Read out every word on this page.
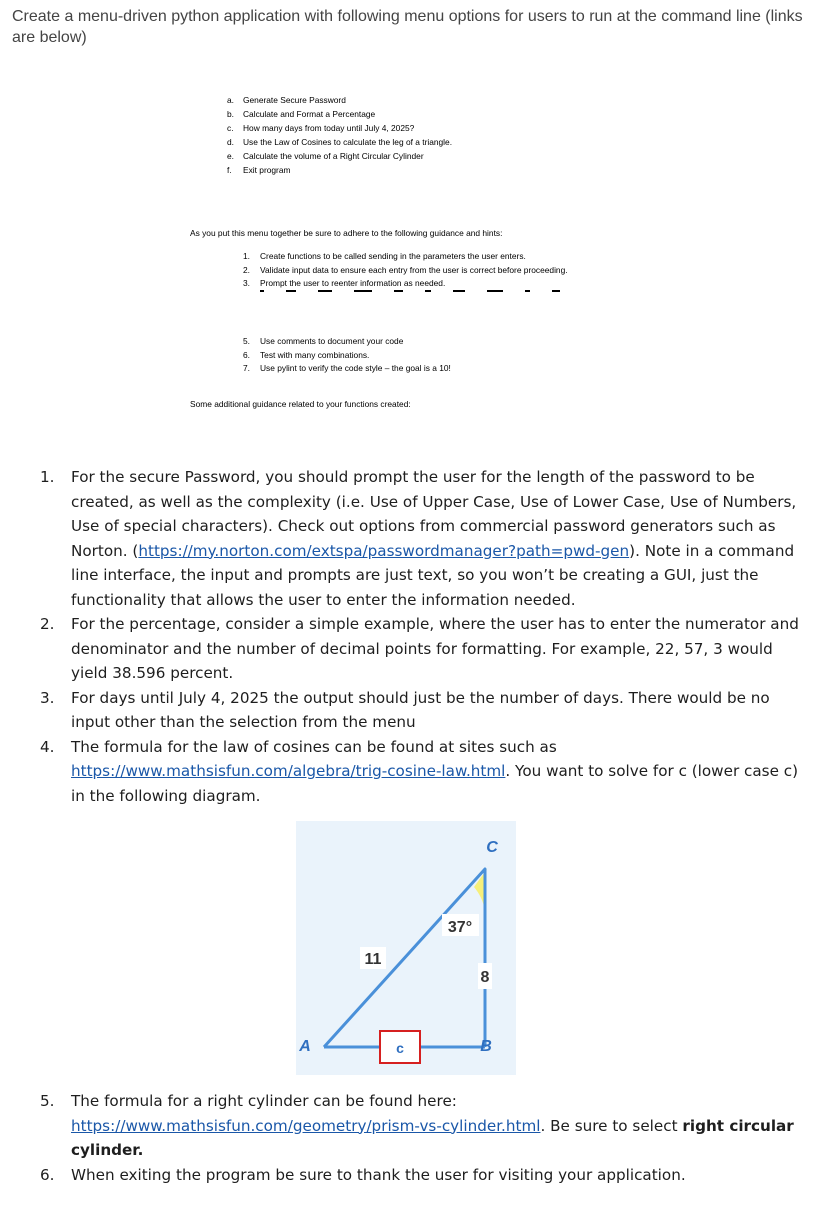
Create a menu-driven python application with following menu options for users to run at the command line (links are below)
a.	Generate Secure Password
b.	Calculate and Format a Percentage
c.	How many days from today until July 4, 2025?
d.	Use the Law of Cosines to calculate the leg of a triangle.
e.	Calculate the volume of a Right Circular Cylinder
f.	Exit program
As you put this menu together be sure to adhere to the following guidance and hints:
1.	Create functions to be called sending in the parameters the user enters.
2.	Validate input data to ensure each entry from the user is correct before proceeding.
3.	Prompt the user to reenter information as needed.
5.	Use comments to document your code
6.	Test with many combinations.
7.	Use pylint to verify the code style – the goal is a 10!
Some additional guidance related to your functions created:
1.	For the secure Password, you should prompt the user for the length of the password to be created, as well as the complexity (i.e. Use of Upper Case, Use of Lower Case, Use of Numbers, Use of special characters). Check out options from commercial password generators such as Norton. (https://my.norton.com/extspa/passwordmanager?path=pwd-gen). Note in a command line interface, the input and prompts are just text, so you won’t be creating a GUI, just the functionality that allows the user to enter the information needed.
2.	For the percentage, consider a simple example, where the user has to enter the numerator and denominator and the number of decimal points for formatting. For example, 22, 57, 3 would yield 38.596 percent.
3.	For days until July 4, 2025 the output should just be the number of days. There would be no input other than the selection from the menu
4.	The formula for the law of cosines can be found at sites such as
https://www.mathsisfun.com/algebra/trig-cosine-law.html. You want to solve for c (lower case c) in the following diagram.
c
C
A	B
37°
11
8
5.	The formula for a right cylinder can be found here:
https://www.mathsisfun.com/geometry/prism-vs-cylinder.html. Be sure to select right circular cylinder.
6.	When exiting the program be sure to thank the user for visiting your application.
